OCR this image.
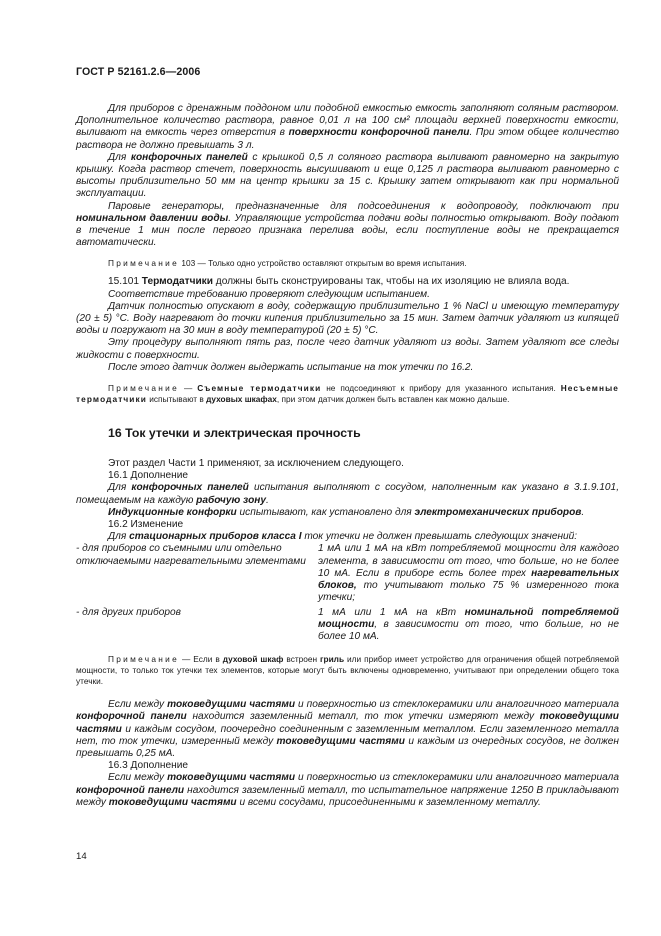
ГОСТ Р 52161.2.6—2006

Для приборов с дренажным поддоном или подобной емкостью емкость заполняют соляным раствором. Дополнительное количество раствора, равное 0,01 л на 100 см² площади верхней поверхности емкости, выливают на емкость через отверстия в поверхности конфорочной панели. При этом общее количество раствора не должно превышать 3 л.

Для конфорочных панелей с крышкой 0,5 л соляного раствора выливают равномерно на закрытую крышку. Когда раствор стечет, поверхность высушивают и еще 0,125 л раствора выливают равномерно с высоты приблизительно 50 мм на центр крышки за 15 с. Крышку затем открывают как при нормальной эксплуатации.

Паровые генераторы, предназначенные для подсоединения к водопроводу, подключают при номинальном давлении воды. Управляющие устройства подачи воды полностью открывают. Воду подают в течение 1 мин после первого признака перелива воды, если поступление воды не прекращается автоматически.

Примечание 103 — Только одно устройство оставляют открытым во время испытания.

15.101 Термодатчики должны быть сконструированы так, чтобы на их изоляцию не влияла вода.

Соответствие требованию проверяют следующим испытанием.

Датчик полностью опускают в воду, содержащую приблизительно 1 % NaCl и имеющую температуру (20 ± 5) °С. Воду нагревают до точки кипения приблизительно за 15 мин. Затем датчик удаляют из кипящей воды и погружают на 30 мин в воду температурой (20 ± 5) °С.

Эту процедуру выполняют пять раз, после чего датчик удаляют из воды. Затем удаляют все следы жидкости с поверхности.

После этого датчик должен выдержать испытание на ток утечки по 16.2.

Примечание — Съемные термодатчики не подсоединяют к прибору для указанного испытания. Несъемные термодатчики испытывают в духовых шкафах, при этом датчик должен быть вставлен как можно дальше.

16 Ток утечки и электрическая прочность

Этот раздел Части 1 применяют, за исключением следующего.

16.1 Дополнение

Для конфорочных панелей испытания выполняют с сосудом, наполненным как указано в 3.1.9.101, помещаемым на каждую рабочую зону.

Индукционные конфорки испытывают, как установлено для электромеханических приборов.

16.2 Изменение

Для стационарных приборов класса I ток утечки не должен превышать следующих значений:

- для приборов со съемными или отдельно отключаемыми нагревательными элементами
1 мА или 1 мА на кВт потребляемой мощности для каждого элемента, в зависимости от того, что больше, но не более 10 мА. Если в приборе есть более трех нагревательных блоков, то учитывают только 75 % измеренного тока утечки;
- для других приборов	1 мА или 1 мА на кВт номинальной потребляемой мощности, в зависимости от того, что больше, но не более 10 мА.

Примечание — Если в духовой шкаф встроен гриль или прибор имеет устройство для ограничения общей потребляемой мощности, то только ток утечки тех элементов, которые могут быть включены одновременно, учитывают при определении общего тока утечки.

Если между токоведущими частями и поверхностью из стеклокерамики или аналогичного материала конфорочной панели находится заземленный металл, то ток утечки измеряют между токоведущими частями и каждым сосудом, поочередно соединенным с заземленным металлом. Если заземленного металла нет, то ток утечки, измеренный между токоведущими частями и каждым из очередных сосудов, не должен превышать 0,25 мА.

16.3 Дополнение

Если между токоведущими частями и поверхностью из стеклокерамики или аналогичного материала конфорочной панели находится заземленный металл, то испытательное напряжение 1250 В прикладывают между токоведущими частями и всеми сосудами, присоединенными к заземленному металлу.

14
